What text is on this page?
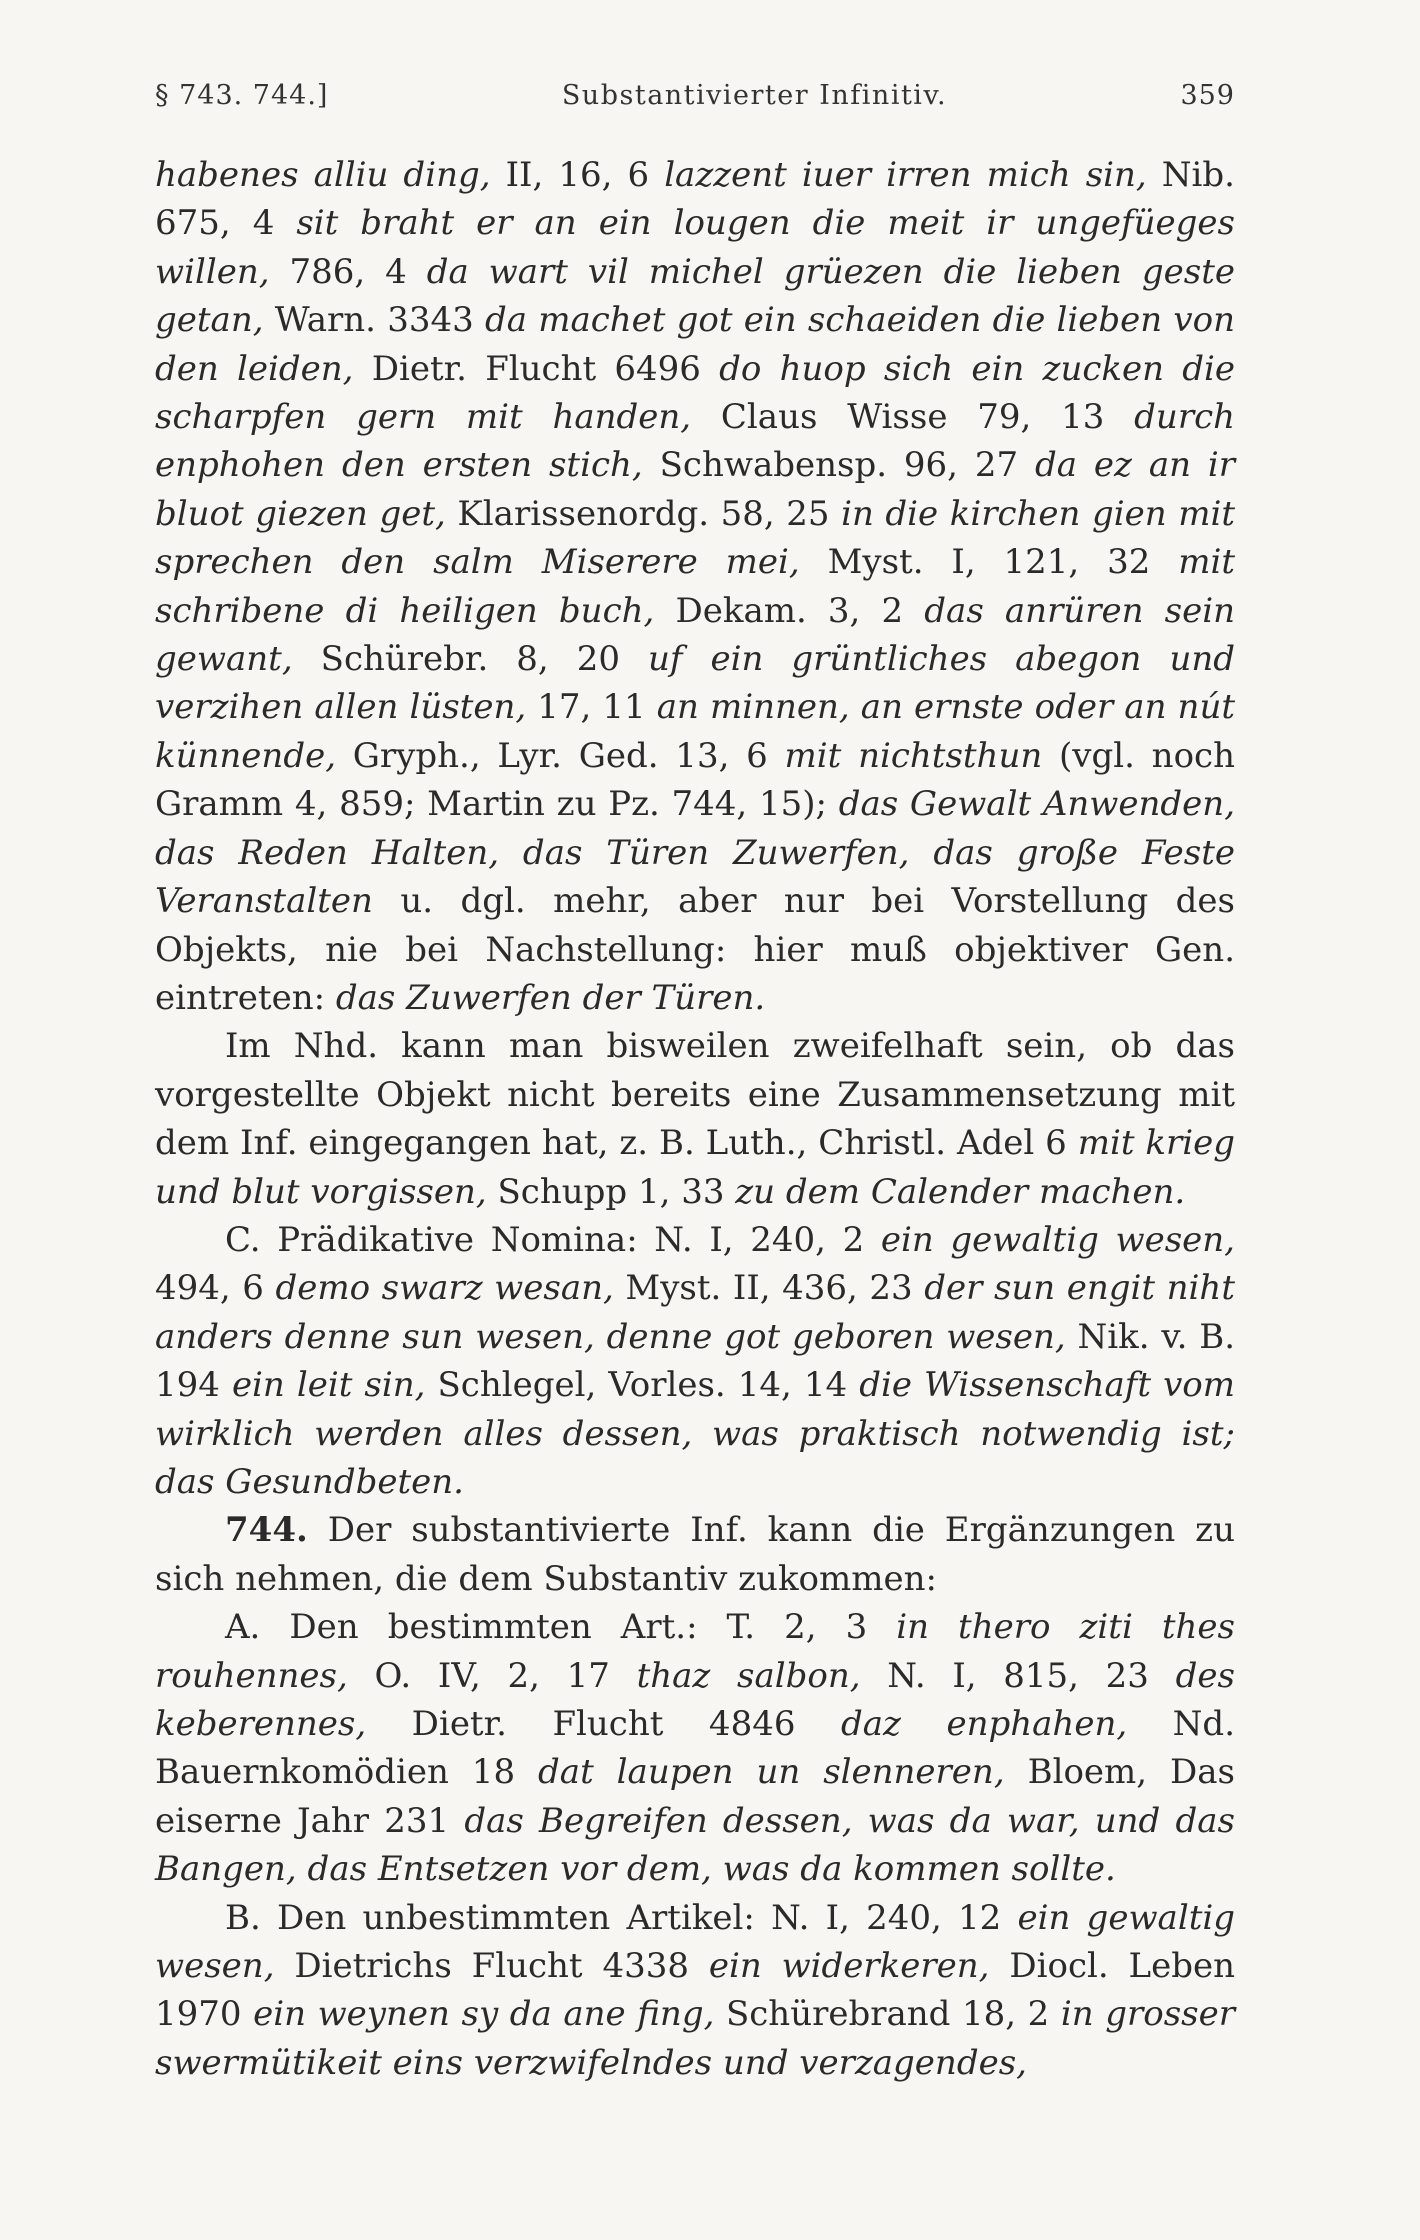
§ 743. 744.]	Substantivierter Infinitiv.	359

habenes alliu ding, II, 16, 6 lazzent iuer irren mich sin, Nib. 675, 4 sit braht er an ein lougen die meit ir ungefüeges willen, 786, 4 da wart vil michel grüezen die lieben geste getan, Warn. 3343 da machet got ein schaeiden die lieben von den leiden, Dietr. Flucht 6496 do huop sich ein zucken die scharpfen gern mit handen, Claus Wisse 79, 13 durch enphohen den ersten stich, Schwabensp. 96, 27 da ez an ir bluot giezen get, Klarissenordg. 58, 25 in die kirchen gien mit sprechen den salm Miserere mei, Myst. I, 121, 32 mit schribene di heiligen buch, Dekam. 3, 2 das anrüren sein gewant, Schürebr. 8, 20 uf ein grüntliches abegon und verzihen allen lüsten, 17, 11 an minnen, an ernste oder an nút künnende, Gryph., Lyr. Ged. 13, 6 mit nichtsthun (vgl. noch Gramm 4, 859; Martin zu Pz. 744, 15); das Gewalt Anwenden, das Reden Halten, das Türen Zuwerfen, das große Feste Veranstalten u. dgl. mehr, aber nur bei Vorstellung des Objekts, nie bei Nachstellung: hier muß objektiver Gen. eintreten: das Zuwerfen der Türen.

Im Nhd. kann man bisweilen zweifelhaft sein, ob das vorgestellte Objekt nicht bereits eine Zusammensetzung mit dem Inf. eingegangen hat, z. B. Luth., Christl. Adel 6 mit krieg und blut vorgissen, Schupp 1, 33 zu dem Calender machen.

C. Prädikative Nomina: N. I, 240, 2 ein gewaltig wesen, 494, 6 demo swarz wesan, Myst. II, 436, 23 der sun engit niht anders denne sun wesen, denne got geboren wesen, Nik. v. B. 194 ein leit sin, Schlegel, Vorles. 14, 14 die Wissenschaft vom wirklich werden alles dessen, was praktisch notwendig ist; das Gesundbeten.

744. Der substantivierte Inf. kann die Ergänzungen zu sich nehmen, die dem Substantiv zukommen:

A. Den bestimmten Art.: T. 2, 3 in thero ziti thes rouhennes, O. IV, 2, 17 thaz salbon, N. I, 815, 23 des keberennes, Dietr. Flucht 4846 daz enphahen, Nd. Bauernkomödien 18 dat laupen un slenneren, Bloem, Das eiserne Jahr 231 das Begreifen dessen, was da war, und das Bangen, das Entsetzen vor dem, was da kommen sollte.

B. Den unbestimmten Artikel: N. I, 240, 12 ein gewaltig wesen, Dietrichs Flucht 4338 ein widerkeren, Diocl. Leben 1970 ein weynen sy da ane fing, Schürebrand 18, 2 in grosser swermütikeit eins verzwifelndes und verzagendes,
